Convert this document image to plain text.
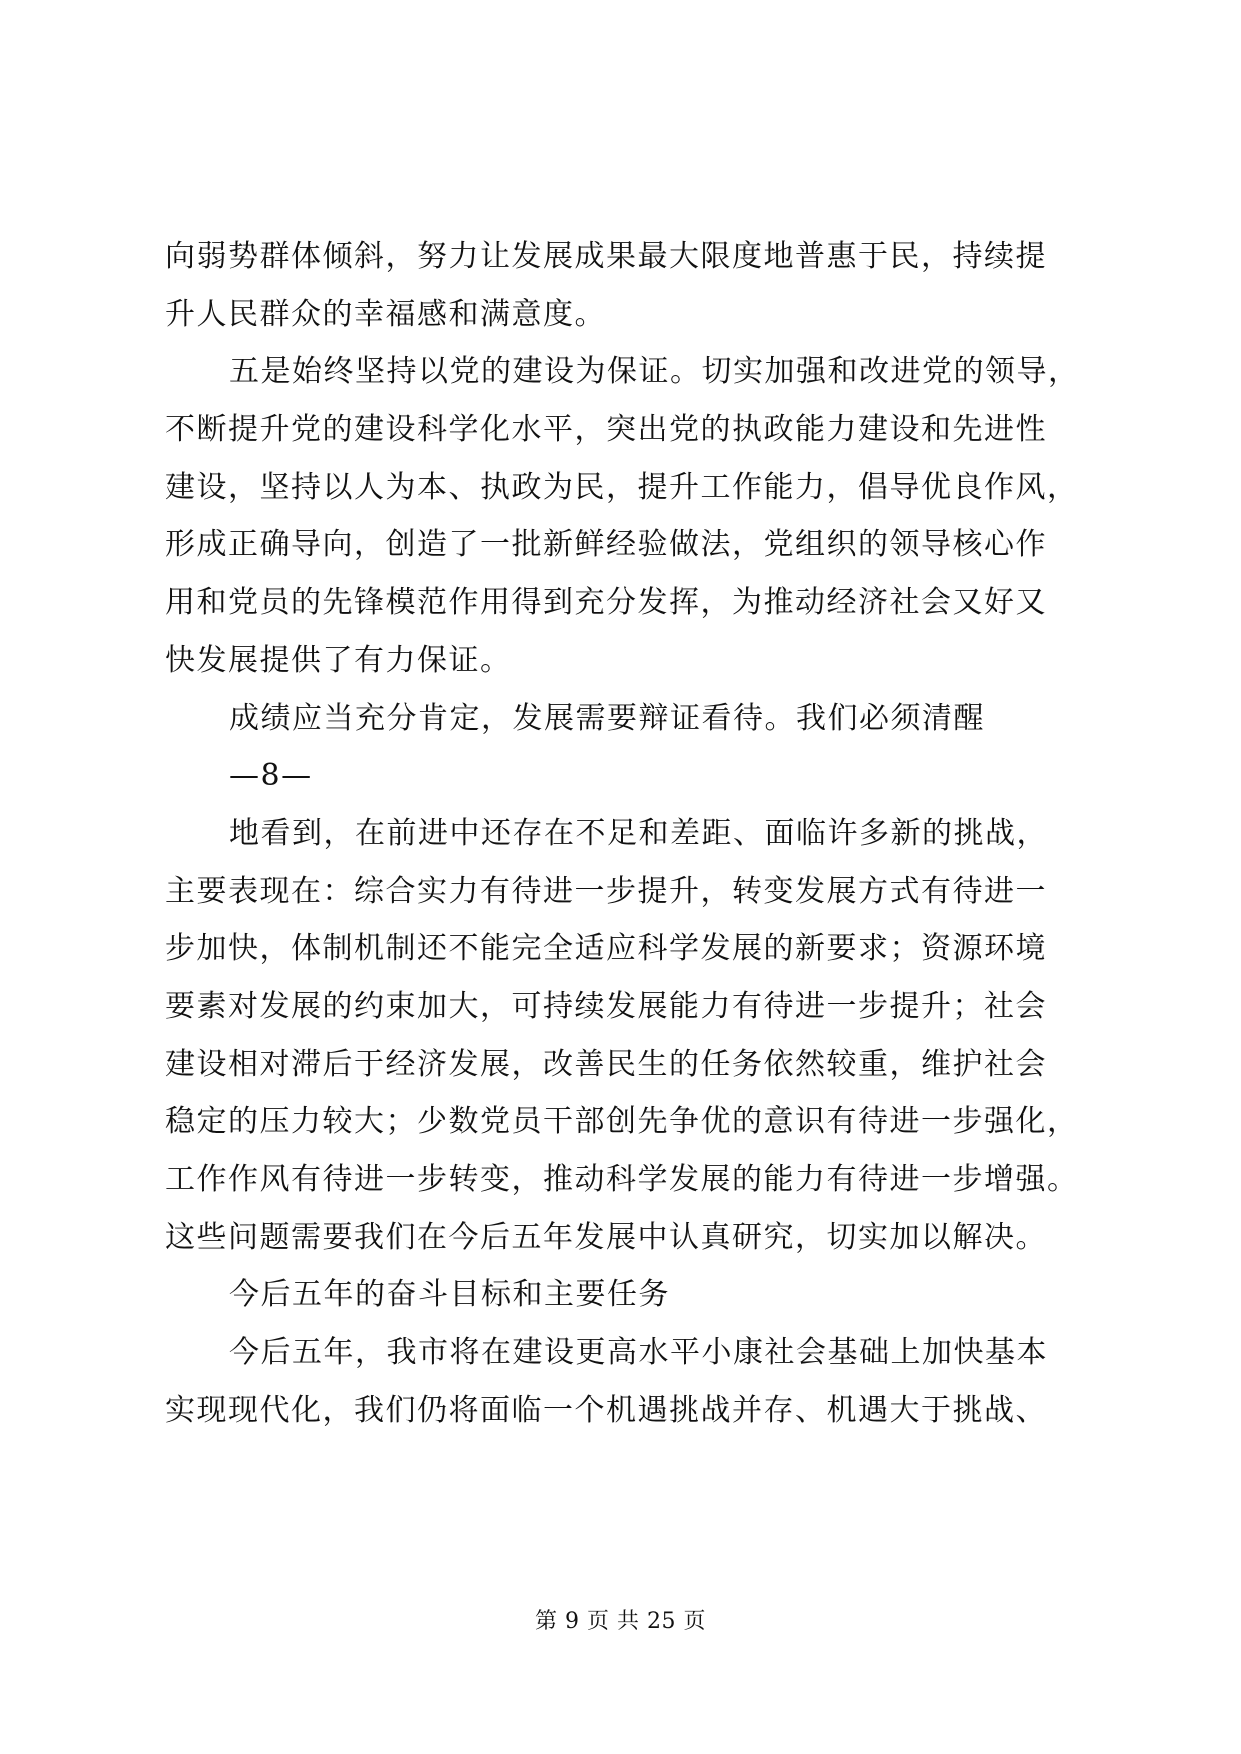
向弱势群体倾斜，努力让发展成果最大限度地普惠于民，持续提
升人民群众的幸福感和满意度。
五是始终坚持以党的建设为保证。切实加强和改进党的领导，
不断提升党的建设科学化水平，突出党的执政能力建设和先进性
建设，坚持以人为本、执政为民，提升工作能力，倡导优良作风，
形成正确导向，创造了一批新鲜经验做法，党组织的领导核心作
用和党员的先锋模范作用得到充分发挥，为推动经济社会又好又
快发展提供了有力保证。
成绩应当充分肯定，发展需要辩证看待。我们必须清醒
—8—
地看到，在前进中还存在不足和差距、面临许多新的挑战，
主要表现在：综合实力有待进一步提升，转变发展方式有待进一
步加快，体制机制还不能完全适应科学发展的新要求；资源环境
要素对发展的约束加大，可持续发展能力有待进一步提升；社会
建设相对滞后于经济发展，改善民生的任务依然较重，维护社会
稳定的压力较大；少数党员干部创先争优的意识有待进一步强化，
工作作风有待进一步转变，推动科学发展的能力有待进一步增强。
这些问题需要我们在今后五年发展中认真研究，切实加以解决。
今后五年的奋斗目标和主要任务
今后五年，我市将在建设更高水平小康社会基础上加快基本
实现现代化，我们仍将面临一个机遇挑战并存、机遇大于挑战、
第 9 页 共 25 页
